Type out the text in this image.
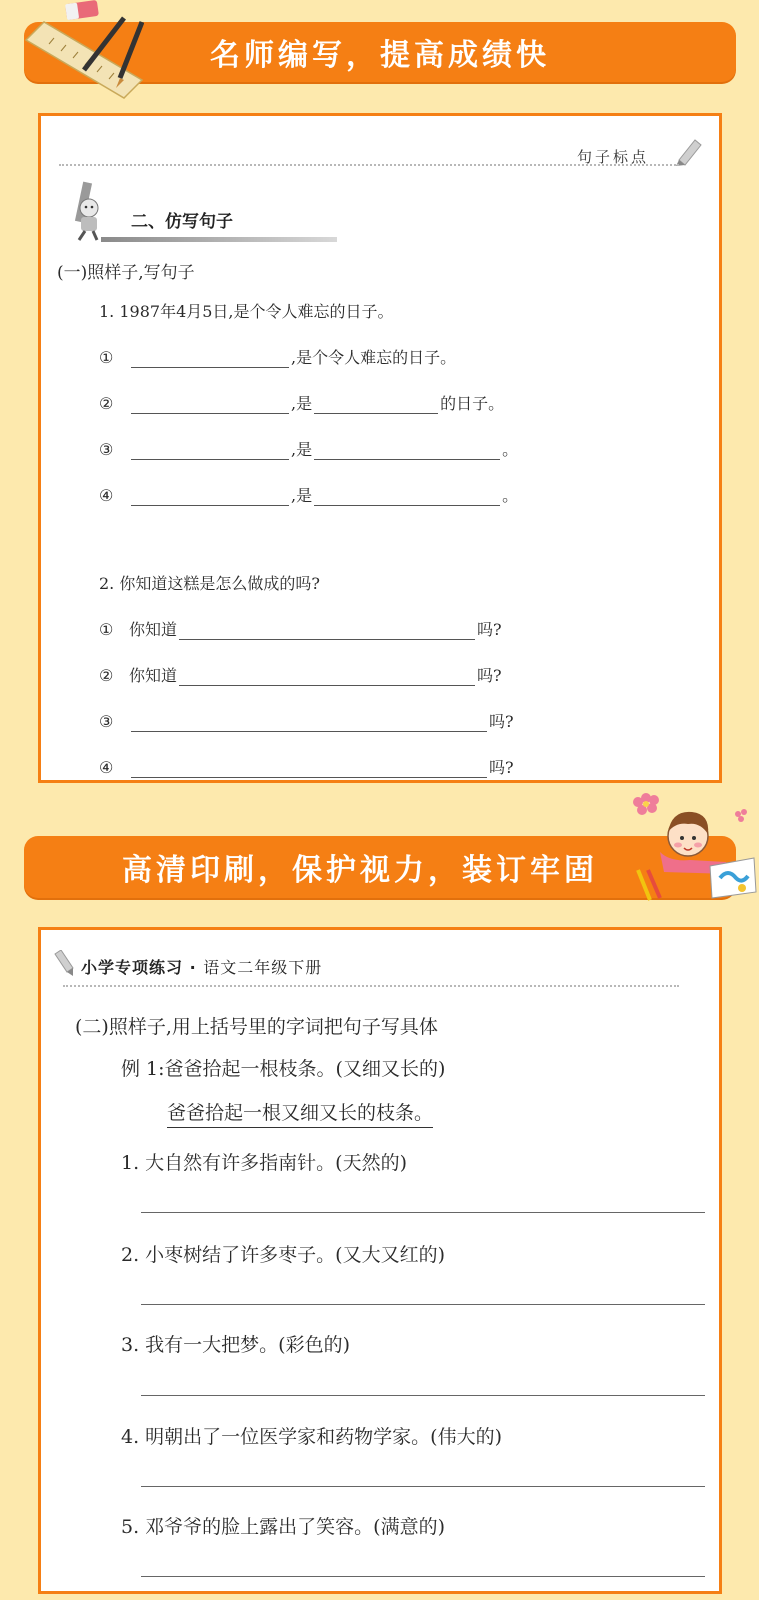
名师编写，提高成绩快
句子标点
二、仿写句子
(一)照样子,写句子
1. 1987年4月5日,是个令人难忘的日子。
①	,是个令人难忘的日子。
②	,是	的日子。
③	,是	。
④	,是	。
2. 你知道这糕是怎么做成的吗?
① 你知道	吗?
② 你知道	吗?
③	吗?
④	吗?
高清印刷，保护视力，装订牢固
小学专项练习 · 语文二年级下册
(二)照样子,用上括号里的字词把句子写具体
例 1:爸爸拾起一根枝条。(又细又长的)
爸爸拾起一根又细又长的枝条。
1. 大自然有许多指南针。(天然的)
2. 小枣树结了许多枣子。(又大又红的)
3. 我有一大把梦。(彩色的)
4. 明朝出了一位医学家和药物学家。(伟大的)
5. 邓爷爷的脸上露出了笑容。(满意的)
